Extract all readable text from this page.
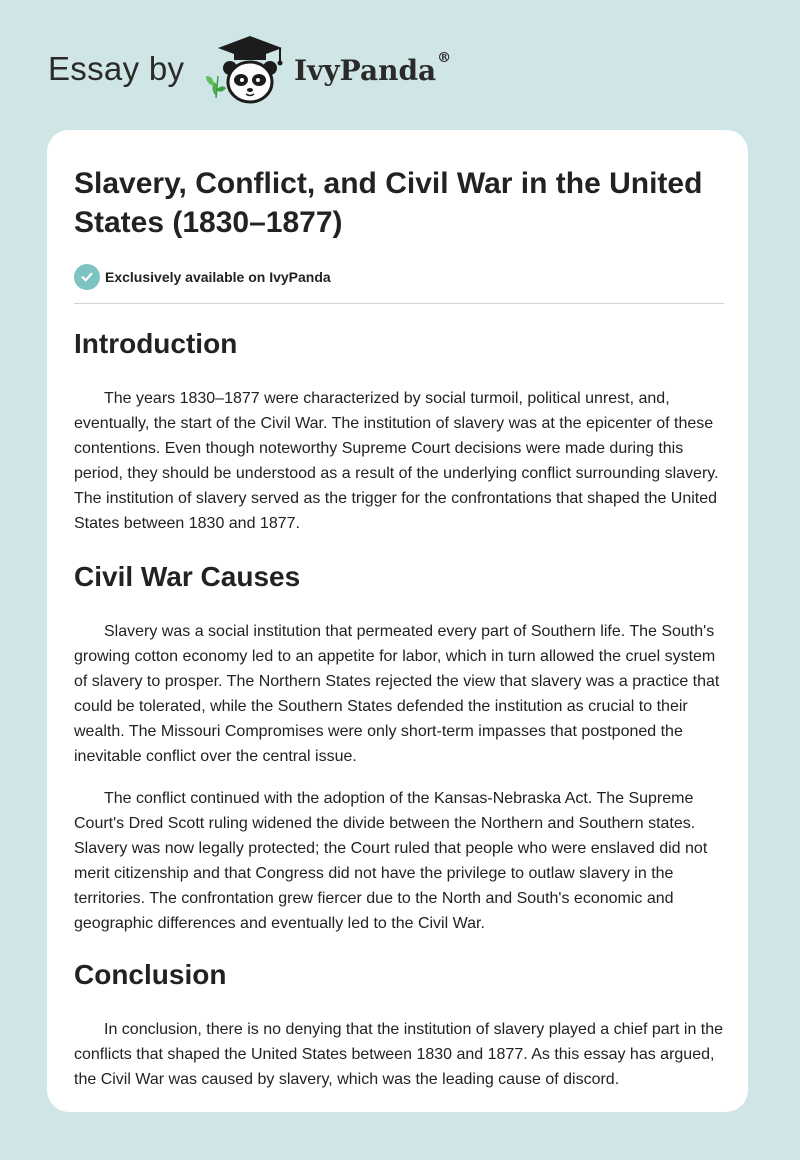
Essay by	IvyPanda®
Slavery, Conflict, and Civil War in the United States (1830–1877)
Exclusively available on IvyPanda
Introduction

The years 1830–1877 were characterized by social turmoil, political unrest, and, eventually, the start of the Civil War. The institution of slavery was at the epicenter of these contentions. Even though noteworthy Supreme Court decisions were made during this period, they should be understood as a result of the underlying conflict surrounding slavery. The institution of slavery served as the trigger for the confrontations that shaped the United States between 1830 and 1877.

Civil War Causes

Slavery was a social institution that permeated every part of Southern life. The South's growing cotton economy led to an appetite for labor, which in turn allowed the cruel system of slavery to prosper. The Northern States rejected the view that slavery was a practice that could be tolerated, while the Southern States defended the institution as crucial to their wealth. The Missouri Compromises were only short-term impasses that postponed the inevitable conflict over the central issue.

The conflict continued with the adoption of the Kansas-Nebraska Act. The Supreme Court's Dred Scott ruling widened the divide between the Northern and Southern states. Slavery was now legally protected; the Court ruled that people who were enslaved did not merit citizenship and that Congress did not have the privilege to outlaw slavery in the territories. The confrontation grew fiercer due to the North and South's economic and geographic differences and eventually led to the Civil War.

Conclusion

In conclusion, there is no denying that the institution of slavery played a chief part in the conflicts that shaped the United States between 1830 and 1877. As this essay has argued, the Civil War was caused by slavery, which was the leading cause of discord.
